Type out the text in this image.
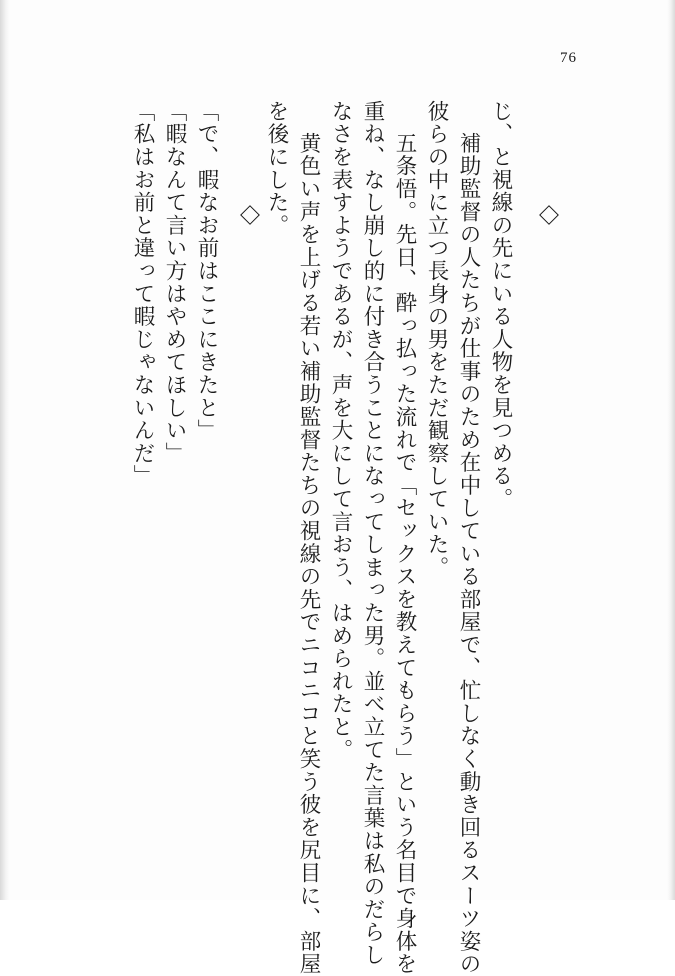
76
じ、と視線の先にいる人物を見つめる。
補助監督の人たちが仕事のため在中している部屋で、忙しなく動き回るスーツ姿の
彼らの中に立つ長身の男をただ観察していた。
五条悟。先日、酔っ払った流れで「セックスを教えてもらう」という名目で身体を
重ね、なし崩し的に付き合うことになってしまった男。並べ立てた言葉は私のだらし
なさを表すようであるが、声を大にして言おう、はめられたと。
黄色い声を上げる若い補助監督たちの視線の先でニコニコと笑う彼を尻目に、部屋
を後にした。
「で、暇なお前はここにきたと」
「暇なんて言い方はやめてほしい」
「私はお前と違って暇じゃないんだ」
